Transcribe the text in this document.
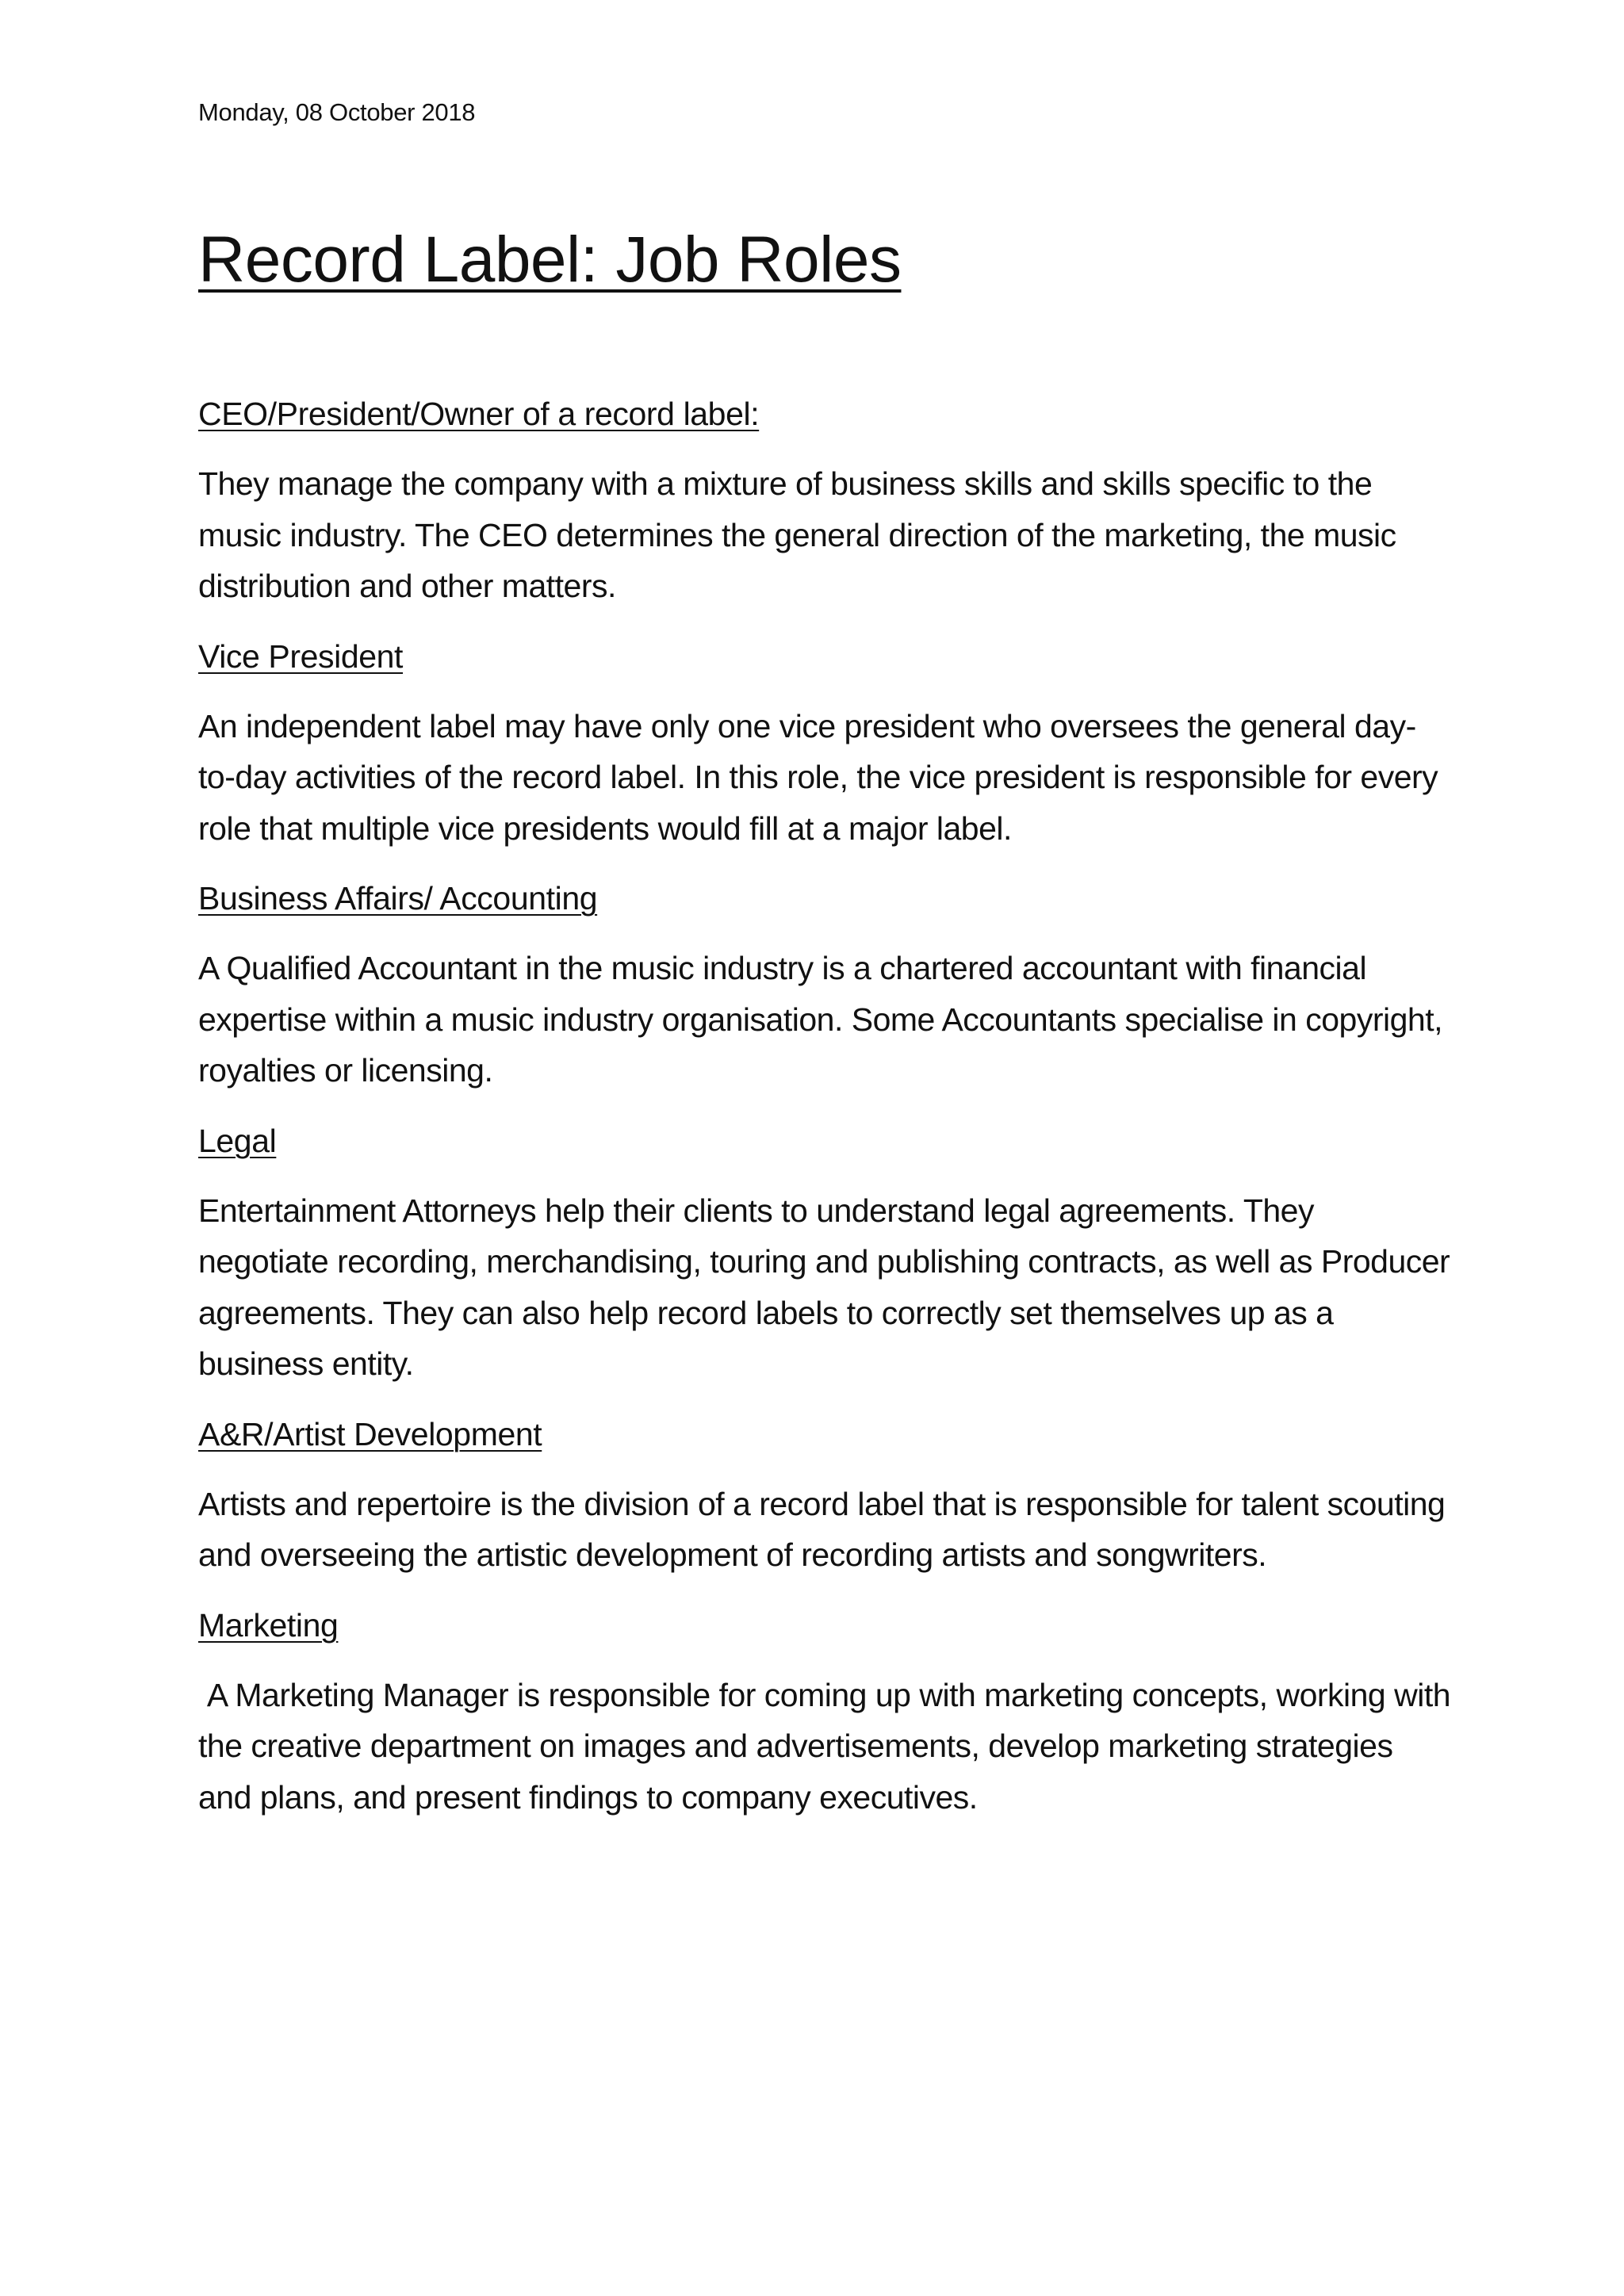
Monday, 08 October 2018

Record Label: Job Roles
CEO/President/Owner of a record label:

They manage the company with a mixture of business skills and skills specific to the music industry. The CEO determines the general direction of the marketing, the music distribution and other matters.

Vice President

An independent label may have only one vice president who oversees the general day-to-day activities of the record label. In this role, the vice president is responsible for every role that multiple vice presidents would fill at a major label.

Business Affairs/ Accounting

A Qualified Accountant in the music industry is a chartered accountant with financial expertise within a music industry organisation. Some Accountants specialise in copyright, royalties or licensing.

Legal

Entertainment Attorneys help their clients to understand legal agreements. They negotiate recording, merchandising, touring and publishing contracts, as well as Producer agreements. They can also help record labels to correctly set themselves up as a business entity.

A&R/Artist Development

Artists and repertoire is the division of a record label that is responsible for talent scouting and overseeing the artistic development of recording artists and songwriters.

Marketing

A Marketing Manager is responsible for coming up with marketing concepts, working with the creative department on images and advertisements, develop marketing strategies and plans, and present findings to company executives.
